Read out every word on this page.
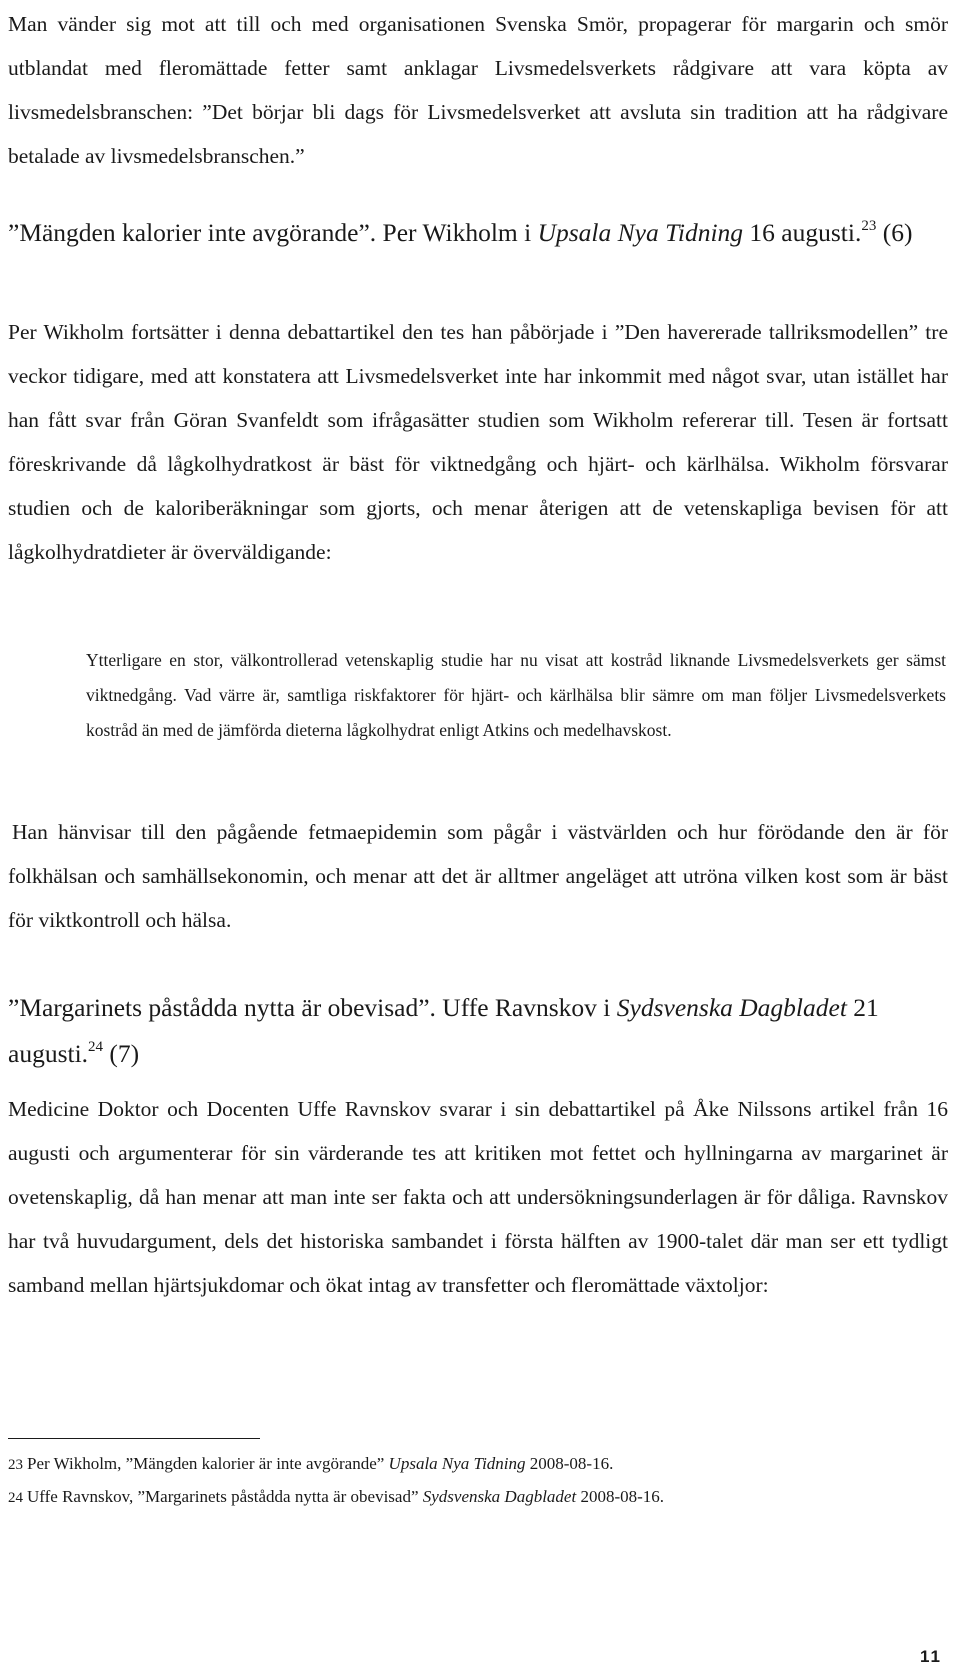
Man vänder sig mot att till och med organisationen Svenska Smör, propagerar för margarin och smör utblandat med fleromättade fetter samt anklagar Livsmedelsverkets rådgivare att vara köpta av livsmedelsbranschen: ”Det börjar bli dags för Livsmedelsverket att avsluta sin tradition att ha rådgivare betalade av livsmedelsbranschen.”

”Mängden kalorier inte avgörande”. Per Wikholm i Upsala Nya Tidning 16 augusti.$^{23}$ (6)

Per Wikholm fortsätter i denna debattartikel den tes han påbörjade i ”Den havererade tallriksmodellen” tre veckor tidigare, med att konstatera att Livsmedelsverket inte har inkommit med något svar, utan istället har han fått svar från Göran Svanfeldt som ifrågasätter studien som Wikholm refererar till. Tesen är fortsatt föreskrivande då lågkolhydratkost är bäst för viktnedgång och hjärt- och kärlhälsa. Wikholm försvarar studien och de kaloriberäkningar som gjorts, och menar återigen att de vetenskapliga bevisen för att lågkolhydratdieter är överväldigande:

Ytterligare en stor, välkontrollerad vetenskaplig studie har nu visat att kostråd liknande Livsmedelsverkets ger sämst viktnedgång. Vad värre är, samtliga riskfaktorer för hjärt- och kärlhälsa blir sämre om man följer Livsmedelsverkets kostråd än med de jämförda dieterna lågkolhydrat enligt Atkins och medelhavskost.

Han hänvisar till den pågående fetmaepidemin som pågår i västvärlden och hur förödande den är för folkhälsan och samhällsekonomin, och menar att det är alltmer angeläget att utröna vilken kost som är bäst för viktkontroll och hälsa.

”Margarinets påstådda nytta är obevisad”. Uffe Ravnskov i Sydsvenska Dagbladet 21 augusti.$^{24}$ (7)

Medicine Doktor och Docenten Uffe Ravnskov svarar i sin debattartikel på Åke Nilssons artikel från 16 augusti och argumenterar för sin värderande tes att kritiken mot fettet och hyllningarna av margarinet är ovetenskaplig, då han menar att man inte ser fakta och att undersökningsunderlagen är för dåliga. Ravnskov har två huvudargument, dels det historiska sambandet i första hälften av 1900-talet där man ser ett tydligt samband mellan hjärtsjukdomar och ökat intag av transfetter och fleromättade växtoljor:

23 Per Wikholm, ”Mängden kalorier är inte avgörande” Upsala Nya Tidning 2008-08-16.

24 Uffe Ravnskov, ”Margarinets påstådda nytta är obevisad” Sydsvenska Dagbladet 2008-08-16.

11
